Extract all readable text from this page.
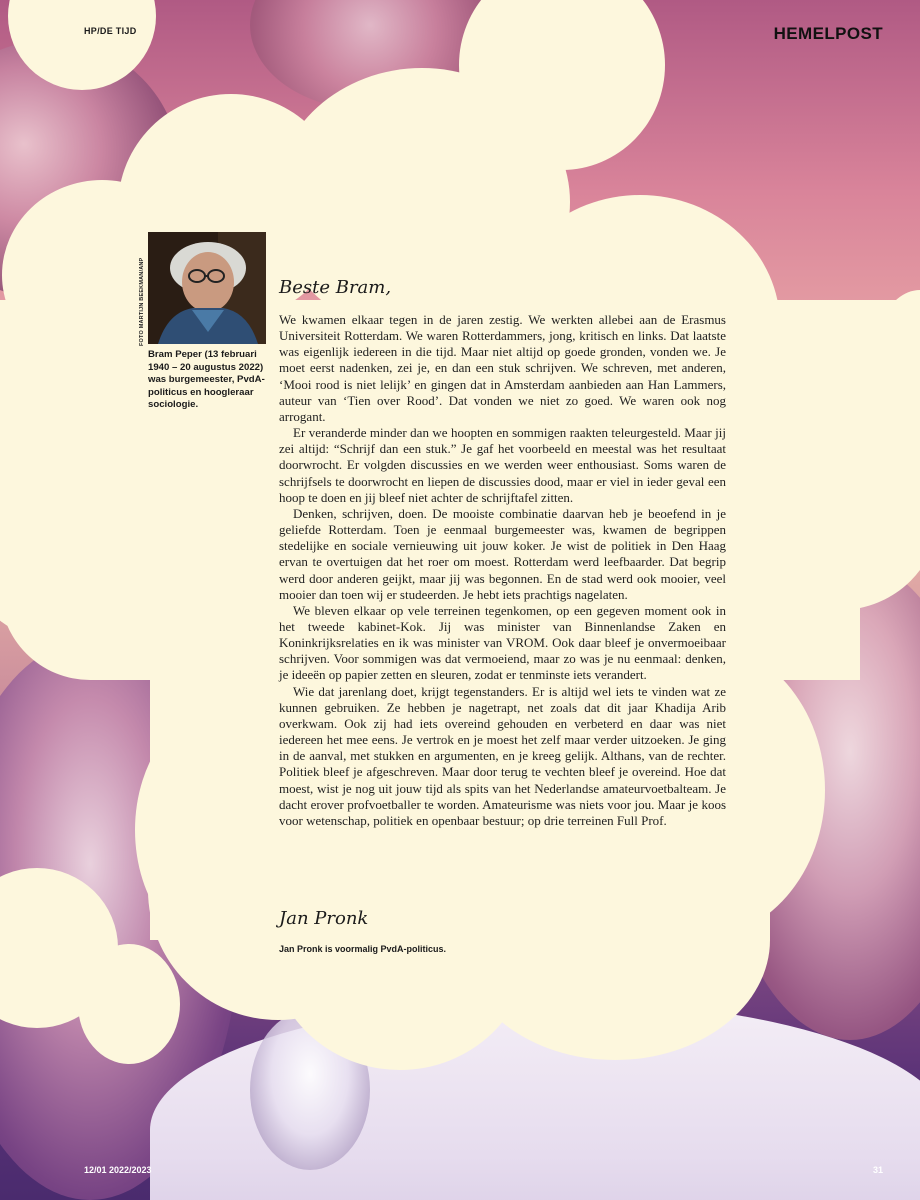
HP/DE TIJD	HEMELPOST
12/01 2022/2023	31
FOTO MARTIJN BEEKMAN/ANP
Bram Peper (13 februari 1940 – 20 augustus 2022) was burgemeester, PvdA-politicus en hoogleraar sociologie.
Beste Bram,

We kwamen elkaar tegen in de jaren zestig. We werkten allebei aan de Erasmus Universiteit Rotterdam. We waren Rotterdammers, jong, kritisch en links. Dat laatste was eigenlijk iedereen in die tijd. Maar niet altijd op goede gronden, vonden we. Je moet eerst nadenken, zei je, en dan een stuk schrijven. We schreven, met anderen, ‘Mooi rood is niet lelijk’ en gingen dat in Amsterdam aanbieden aan Han Lammers, auteur van ‘Tien over Rood’. Dat vonden we niet zo goed. We waren ook nog arrogant.

Er veranderde minder dan we hoopten en sommigen raakten teleurgesteld. Maar jij zei altijd: “Schrijf dan een stuk.” Je gaf het voorbeeld en meestal was het resultaat doorwrocht. Er volgden discussies en we werden weer enthousiast. Soms waren de schrijfsels te doorwrocht en liepen de discussies dood, maar er viel in ieder geval een hoop te doen en jij bleef niet achter de schrijftafel zitten.

Denken, schrijven, doen. De mooiste combinatie daarvan heb je beoefend in je geliefde Rotterdam. Toen je eenmaal burgemeester was, kwamen de begrippen stedelijke en sociale vernieuwing uit jouw koker. Je wist de politiek in Den Haag ervan te overtuigen dat het roer om moest. Rotterdam werd leefbaarder. Dat begrip werd door anderen geijkt, maar jij was begonnen. En de stad werd ook mooier, veel mooier dan toen wij er studeerden. Je hebt iets prachtigs nagelaten.

We bleven elkaar op vele terreinen tegenkomen, op een gegeven moment ook in het tweede kabinet-Kok. Jij was minister van Binnenlandse Zaken en Koninkrijksrelaties en ik was minister van VROM. Ook daar bleef je onvermoeibaar schrijven. Voor sommigen was dat vermoeiend, maar zo was je nu eenmaal: denken, je ideeën op papier zetten en sleuren, zodat er tenminste iets verandert.

Wie dat jarenlang doet, krijgt tegenstanders. Er is altijd wel iets te vinden wat ze kunnen gebruiken. Ze hebben je nagetrapt, net zoals dat dit jaar Khadija Arib overkwam. Ook zij had iets overeind gehouden en verbeterd en daar was niet iedereen het mee eens. Je vertrok en je moest het zelf maar verder uitzoeken. Je ging in de aanval, met stukken en argumenten, en je kreeg gelijk. Althans, van de rechter. Politiek bleef je afgeschreven. Maar door terug te vechten bleef je overeind. Hoe dat moest, wist je nog uit jouw tijd als spits van het Nederlandse amateurvoetbalteam. Je dacht erover profvoetballer te worden. Amateurisme was niets voor jou. Maar je koos voor wetenschap, politiek en openbaar bestuur; op drie terreinen Full Prof.

Jan Pronk
Jan Pronk is voormalig PvdA-politicus.
